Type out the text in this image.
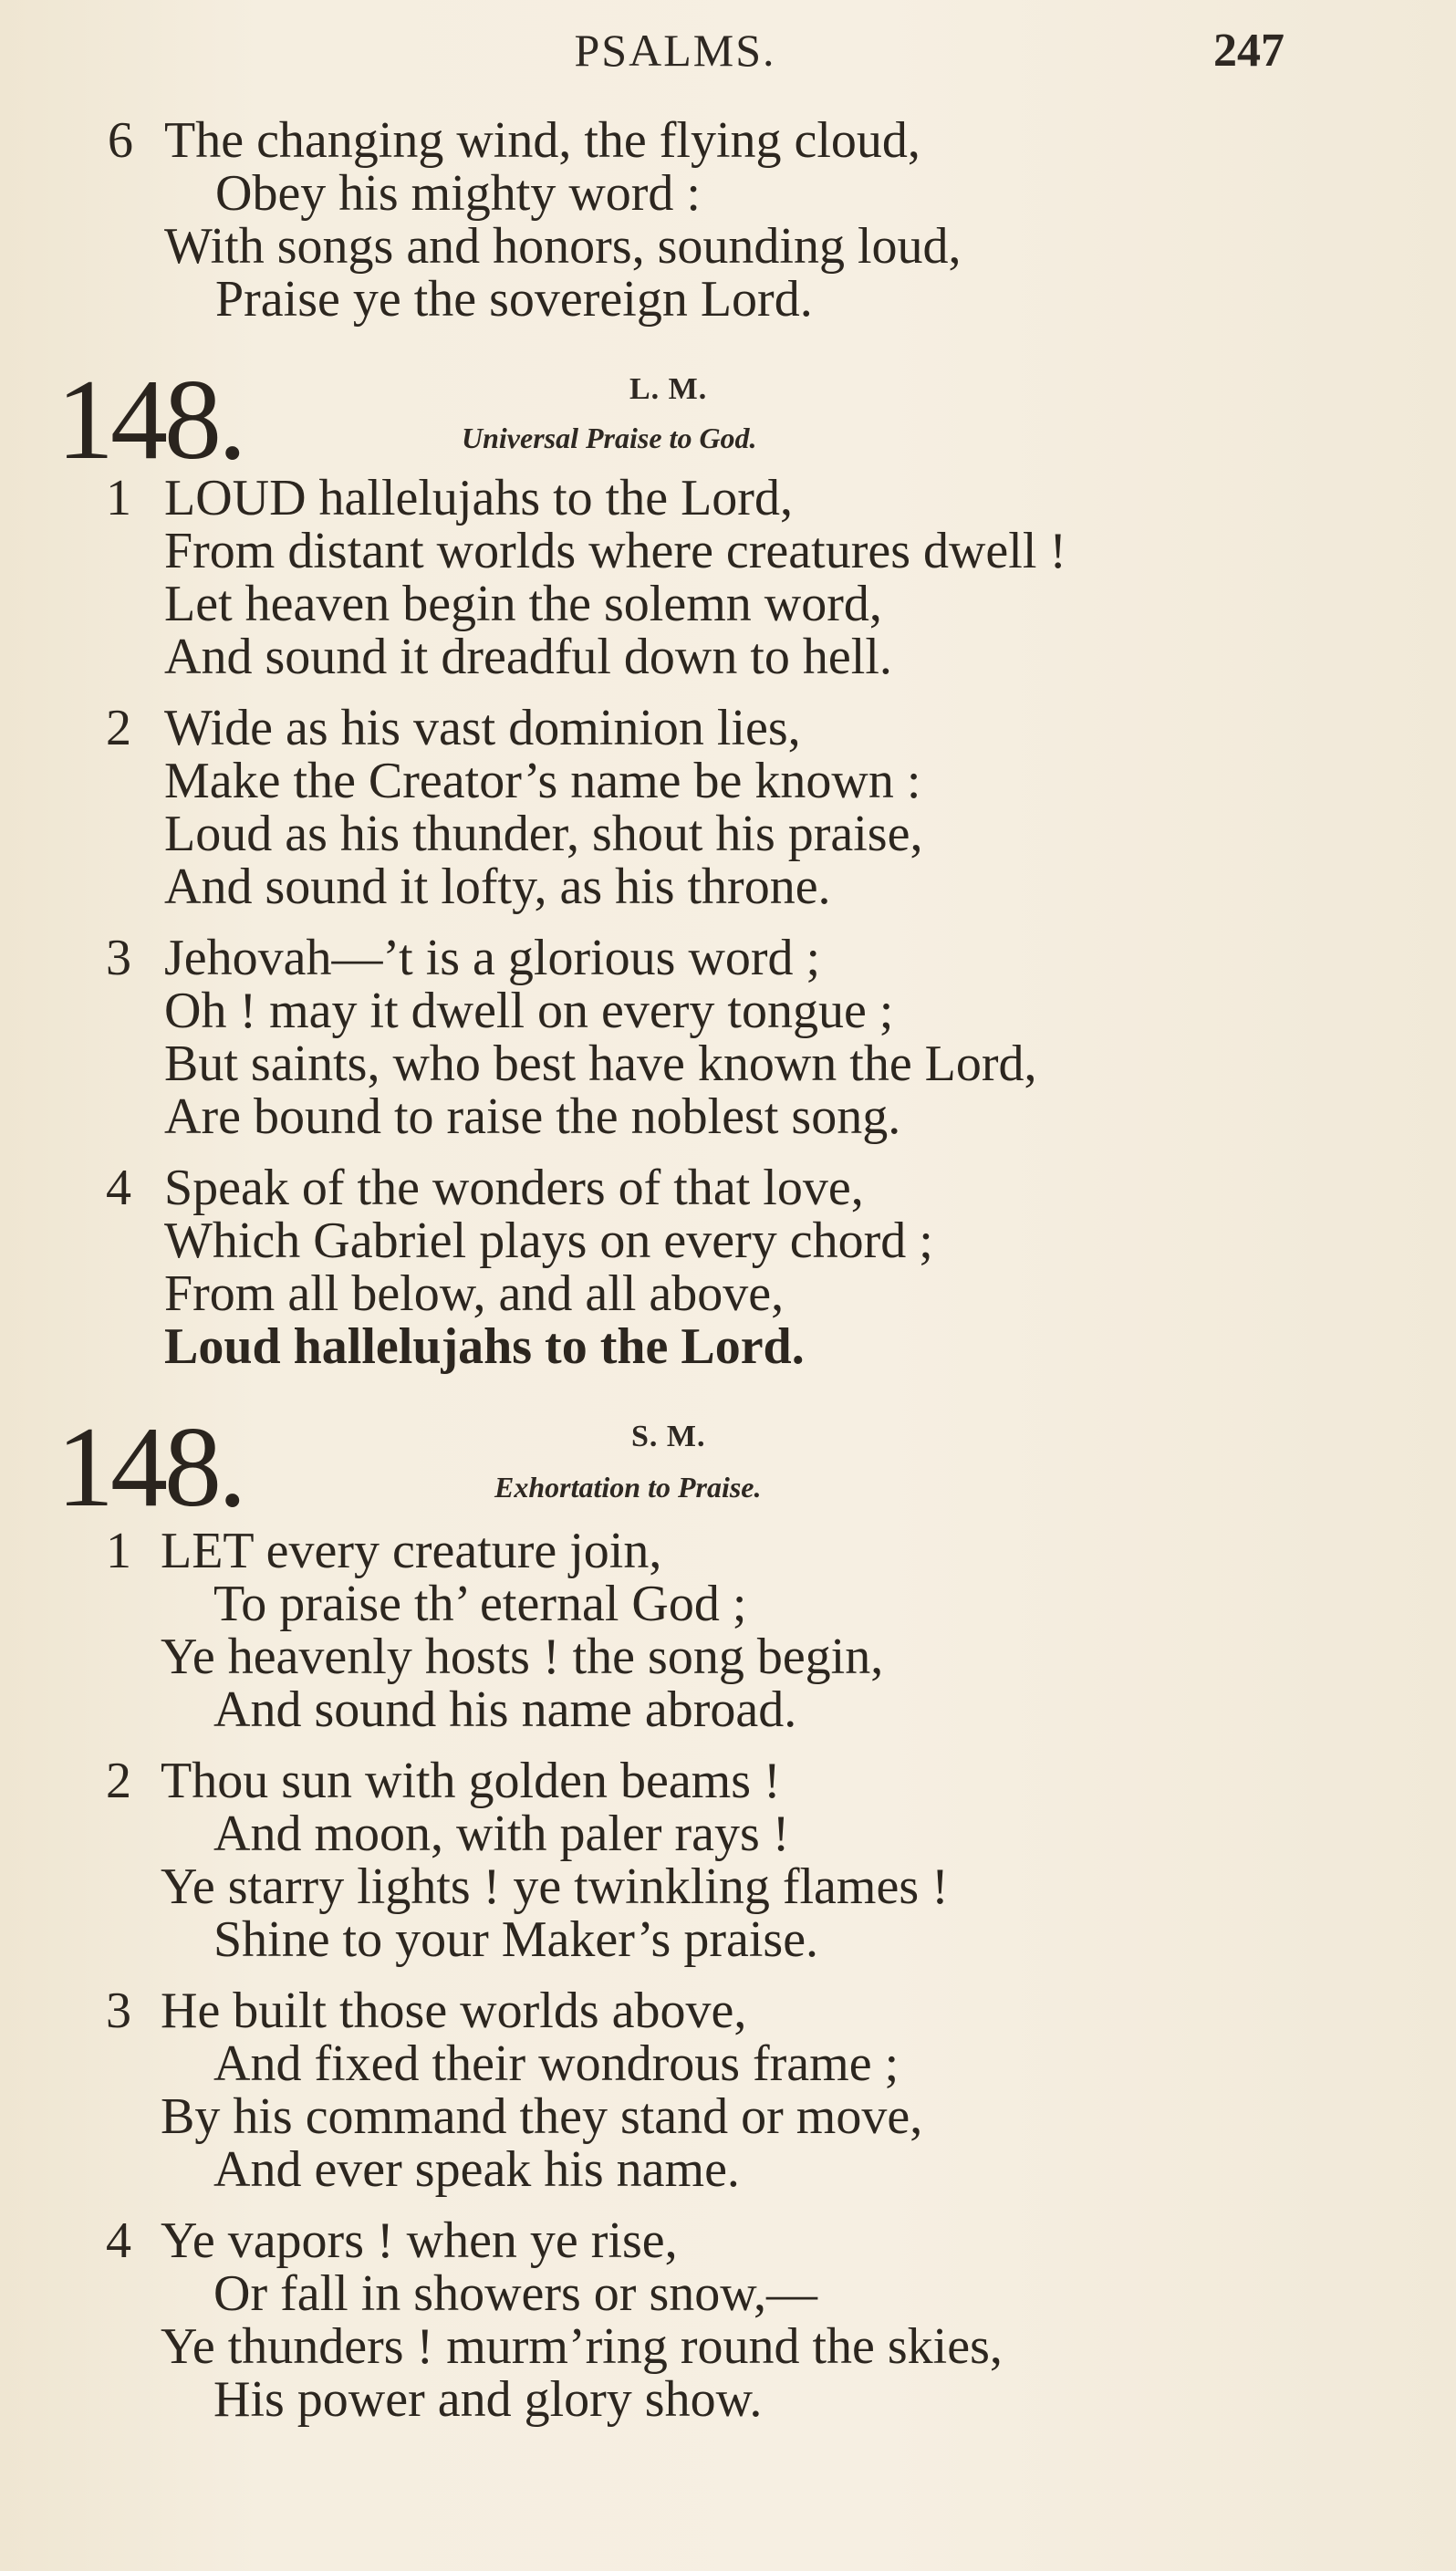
PSALMS.	247
6 The changing wind, the flying cloud,
Obey his mighty word :
With songs and honors, sounding loud,
Praise ye the sovereign Lord.
148.	L. M.
Universal Praise to God.
1 LOUD hallelujahs to the Lord,
From distant worlds where creatures dwell !
Let heaven begin the solemn word,
And sound it dreadful down to hell.
2 Wide as his vast dominion lies,
Make the Creator’s name be known :
Loud as his thunder, shout his praise,
And sound it lofty, as his throne.
3 Jehovah—’t is a glorious word ;
Oh ! may it dwell on every tongue ;
But saints, who best have known the Lord,
Are bound to raise the noblest song.
4 Speak of the wonders of that love,
Which Gabriel plays on every chord ;
From all below, and all above,
Loud hallelujahs to the Lord.
148.	S. M.
Exhortation to Praise.
1 LET every creature join,
To praise th’ eternal God ;
Ye heavenly hosts ! the song begin,
And sound his name abroad.
2 Thou sun with golden beams !
And moon, with paler rays !
Ye starry lights ! ye twinkling flames !
Shine to your Maker’s praise.
3 He built those worlds above,
And fixed their wondrous frame ;
By his command they stand or move,
And ever speak his name.
4 Ye vapors ! when ye rise,
Or fall in showers or snow,—
Ye thunders ! murm’ring round the skies,
His power and glory show.
